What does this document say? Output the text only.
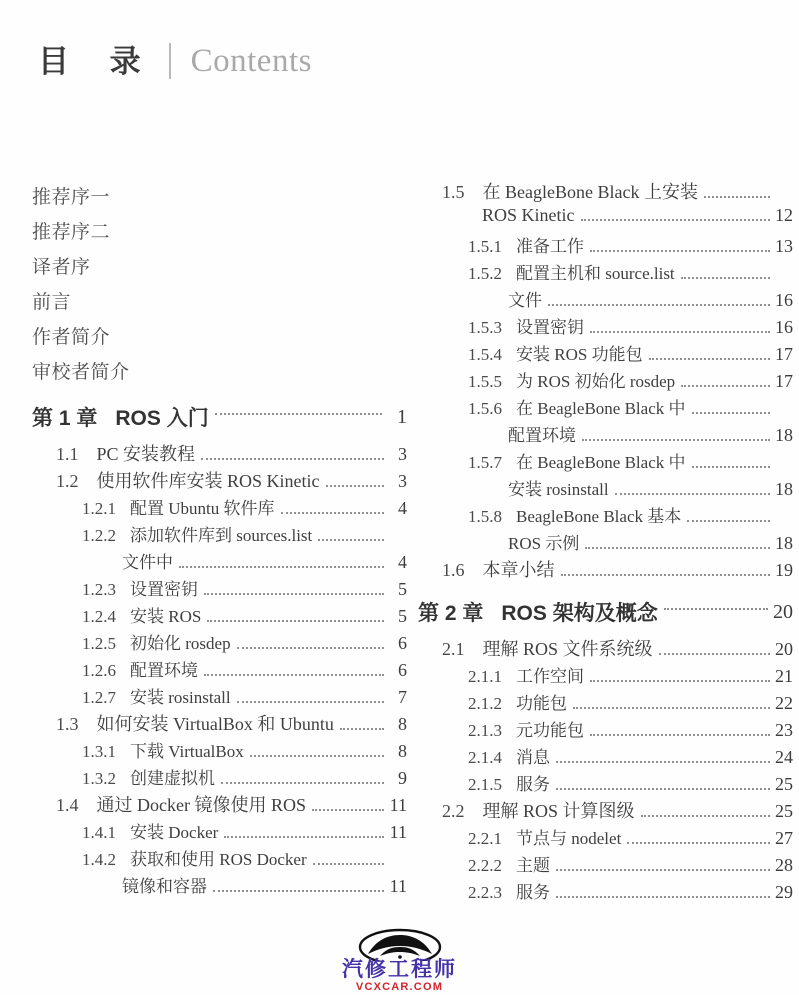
目 录 Contents
推荐序一
推荐序二
译者序
前言
作者简介
审校者简介
第 1 章 ROS 入门	1
1.1 PC 安装教程	3
1.2 使用软件库安装 ROS Kinetic	3
1.2.1 配置 Ubuntu 软件库	4
1.2.2 添加软件库到 sources.list
文件中	4
1.2.3 设置密钥	5
1.2.4 安装 ROS	5
1.2.5 初始化 rosdep	6
1.2.6 配置环境	6
1.2.7 安装 rosinstall	7
1.3 如何安装 VirtualBox 和 Ubuntu	8
1.3.1 下载 VirtualBox	8
1.3.2 创建虚拟机	9
1.4 通过 Docker 镜像使用 ROS	11
1.4.1 安装 Docker	11
1.4.2 获取和使用 ROS Docker
镜像和容器	11
1.5 在 BeagleBone Black 上安装
ROS Kinetic	12
1.5.1 准备工作	13
1.5.2 配置主机和 source.list
文件	16
1.5.3 设置密钥	16
1.5.4 安装 ROS 功能包	17
1.5.5 为 ROS 初始化 rosdep	17
1.5.6 在 BeagleBone Black 中
配置环境	18
1.5.7 在 BeagleBone Black 中
安装 rosinstall	18
1.5.8 BeagleBone Black 基本
ROS 示例	18
1.6 本章小结	19
第 2 章 ROS 架构及概念	20
2.1 理解 ROS 文件系统级	20
2.1.1 工作空间	21
2.1.2 功能包	22
2.1.3 元功能包	23
2.1.4 消息	24
2.1.5 服务	25
2.2 理解 ROS 计算图级	25
2.2.1 节点与 nodelet	27
2.2.2 主题	28
2.2.3 服务	29
汽修工程师
VCXCAR.COM
